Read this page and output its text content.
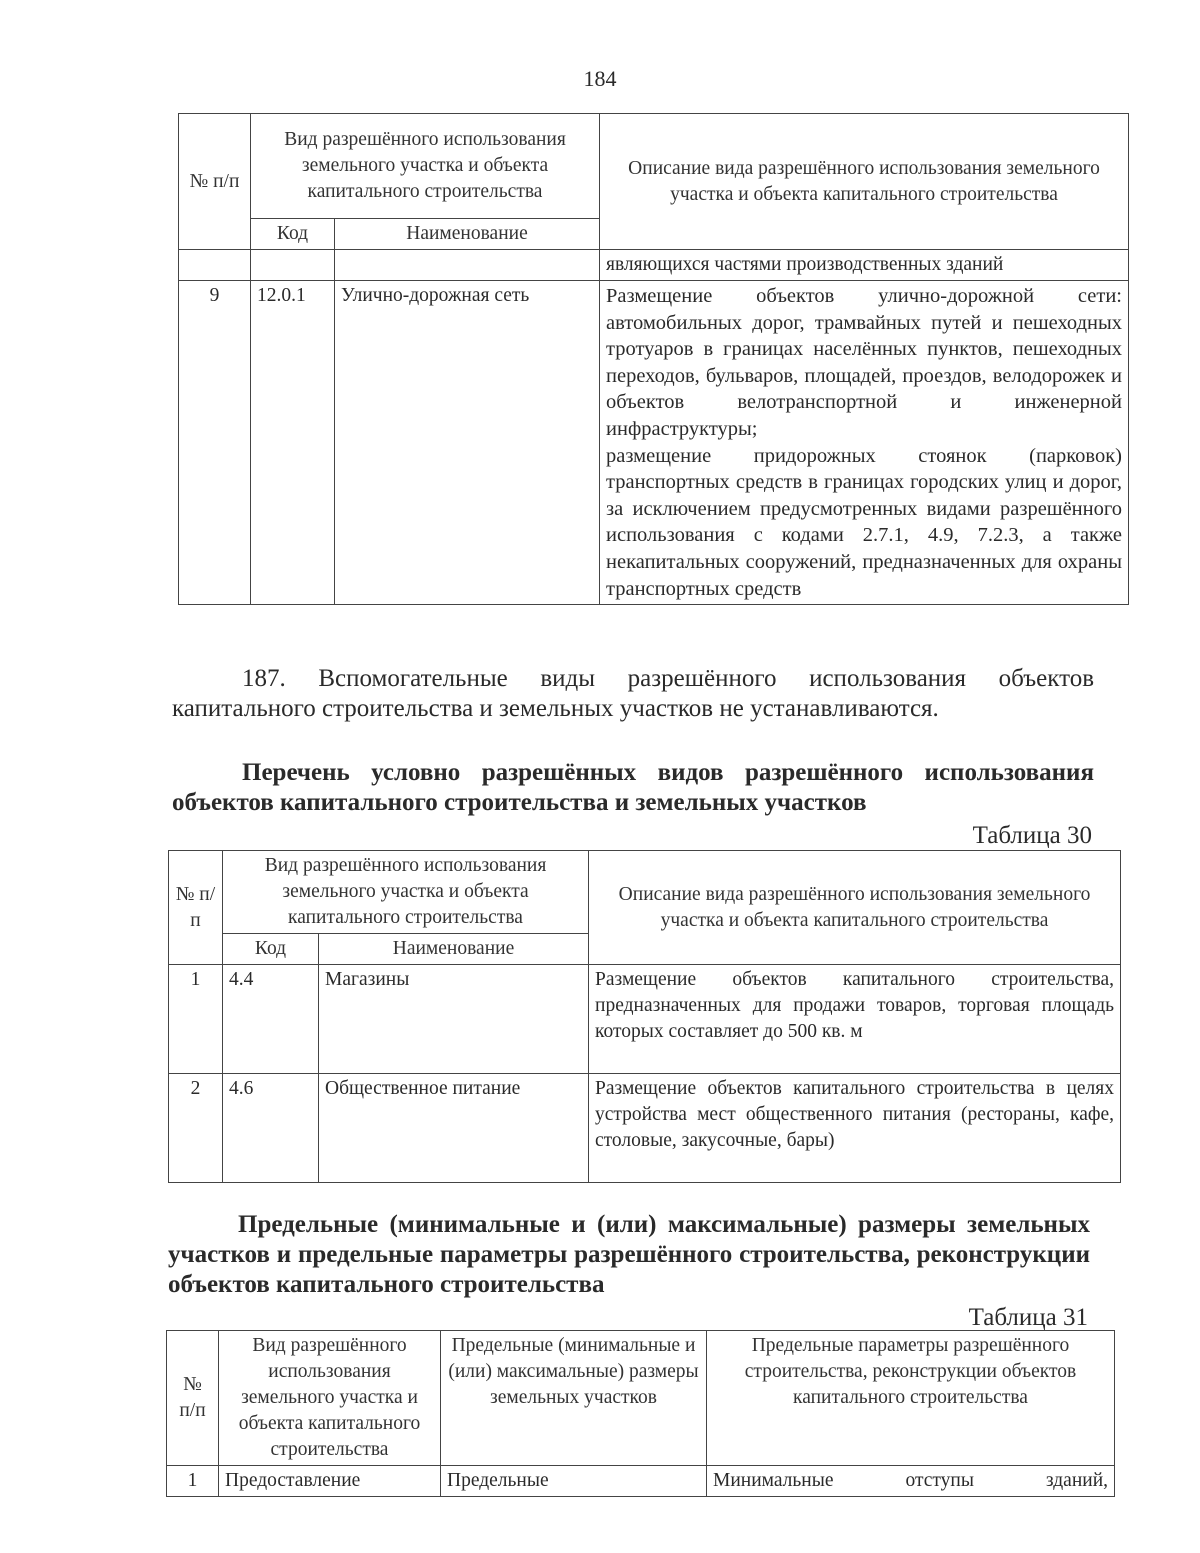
184
№ п/п	Вид разрешённого использования земельного участка и объекта капитального строительства		Описание вида разрешённого использования земельного участка и объекта капитального строительства
	Код	Наименование	
			являющихся частями производственных зданий
9	12.0.1	Улично-дорожная сеть	Размещение объектов улично-дорожной сети: автомобильных дорог, трамвайных путей и пешеходных тротуаров в границах населённых пунктов, пешеходных переходов, бульваров, площадей, проездов, велодорожек и объектов велотранспортной и инженерной инфраструктуры;
размещение придорожных стоянок (парковок) транспортных средств в границах городских улиц и дорог, за исключением предусмотренных видами разрешённого использования с кодами 2.7.1, 4.9, 7.2.3, а также некапитальных сооружений, предназначенных для охраны транспортных средств
187. Вспомогательные виды разрешённого использования объектов капитального строительства и земельных участков не устанавливаются.
Перечень условно разрешённых видов разрешённого использования объектов капитального строительства и земельных участков
Таблица 30
№ п/п	Вид разрешённого использования земельного участка и объекта капитального строительства		Описание вида разрешённого использования земельного участка и объекта капитального строительства
	Код	Наименование	
1	4.4	Магазины	Размещение объектов капитального строительства, предназначенных для продажи товаров, торговая площадь которых составляет до 500 кв. м
2	4.6	Общественное питание	Размещение объектов капитального строительства в целях устройства мест общественного питания (рестораны, кафе, столовые, закусочные, бары)
Предельные (минимальные и (или) максимальные) размеры земельных участков и предельные параметры разрешённого строительства, реконструкции объектов капитального строительства
Таблица 31
№ п/п	Вид разрешённого использования земельного участка и объекта капитального строительства	Предельные (минимальные и (или) максимальные) размеры земельных участков	Предельные параметры разрешённого строительства, реконструкции объектов капитального строительства
1	Предоставление	Предельные	Минимальные отступы зданий,
